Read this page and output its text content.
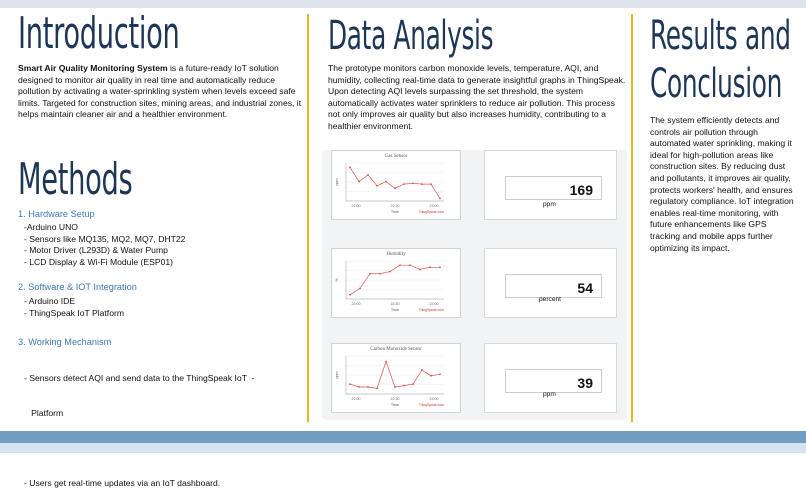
Introduction

Smart Air Quality Monitoring System is a future-ready IoT solution designed to monitor air quality in real time and automatically reduce pollution by activating a water-sprinkling system when levels exceed safe limits. Targeted for construction sites, mining areas, and industrial zones, it helps maintain cleaner air and a healthier environment.

Methods

1. Hardware Setup

-Arduino UNO
- Sensors like MQ135, MQ2, MQ7, DHT22
- Motor Driver (L293D) & Water Pump
- LCD Display & Wi-Fi Module (ESP01)

2. Software & IOT Integration

- Arduino IDE
- ThingSpeak IoT Platform

3. Working Mechanism

- Sensors detect AQI and send data to the ThingSpeak IoT  -

Platform

- Users get real-time updates via an IoT dashboard.

Data Analysis

The prototype monitors carbon monoxide levels, temperature, AQI, and humidity, collecting real-time data to generate insightful graphs in ThingSpeak. Upon detecting AQI levels surpassing the set threshold, the system automatically activates water sprinklers to reduce air pollution. This process not only improves air quality but also increases humidity, contributing to a healthier environment.

Gas Sensor
22:00	22:30	23:00
Time
ppm
ThingSpeak.com
Humidity
22:00	22:30	23:00
Time
%
ThingSpeak.com
Carbon Monoxide Sensor
22:00	22:30	23:00
Time
ppm
ThingSpeak.com
169
ppm
54
percent
39
ppm
Results and
Conclusion

The system efficiently detects and controls air pollution through automated water sprinkling, making it ideal for high-pollution areas like construction sites. By reducing dust and pollutants, it improves air quality, protects workers' health, and ensures regulatory compliance. IoT integration enables real-time monitoring, with future enhancements like GPS tracking and mobile apps further optimizing its impact.
